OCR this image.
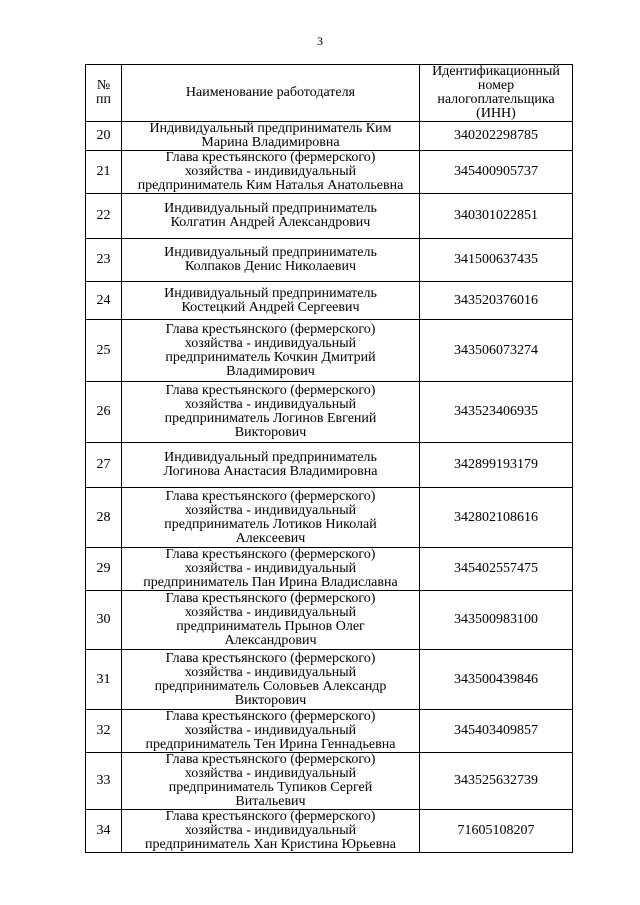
3
№
пп	Наименование работодателя	Идентификационный
номер
налогоплательщика
(ИНН)

20	Индивидуальный предприниматель Ким
Марина Владимировна	340202298785
21	Глава крестьянского (фермерского)
хозяйства - индивидуальный
предприниматель Ким Наталья Анатольевна	345400905737
22	Индивидуальный предприниматель
Колгатин Андрей Александрович	340301022851
23	Индивидуальный предприниматель
Колпаков Денис Николаевич	341500637435
24	Индивидуальный предприниматель
Костецкий Андрей Сергеевич	343520376016
25	Глава крестьянского (фермерского)
хозяйства - индивидуальный
предприниматель Кочкин Дмитрий
Владимирович	343506073274
26	Глава крестьянского (фермерского)
хозяйства - индивидуальный
предприниматель Логинов Евгений
Викторович	343523406935
27	Индивидуальный предприниматель
Логинова Анастасия Владимировна	342899193179
28	Глава крестьянского (фермерского)
хозяйства - индивидуальный
предприниматель Лотиков Николай
Алексеевич	342802108616
29	Глава крестьянского (фермерского)
хозяйства - индивидуальный
предприниматель Пан Ирина Владиславна	345402557475
30	Глава крестьянского (фермерского)
хозяйства - индивидуальный
предприниматель Прынов Олег
Александрович	343500983100
31	Глава крестьянского (фермерского)
хозяйства - индивидуальный
предприниматель Соловьев Александр
Викторович	343500439846
32	Глава крестьянского (фермерского)
хозяйства - индивидуальный
предприниматель Тен Ирина Геннадьевна	345403409857
33	Глава крестьянского (фермерского)
хозяйства - индивидуальный
предприниматель Тупиков Сергей
Витальевич	343525632739
34	Глава крестьянского (фермерского)
хозяйства - индивидуальный
предприниматель Хан Кристина Юрьевна	71605108207
